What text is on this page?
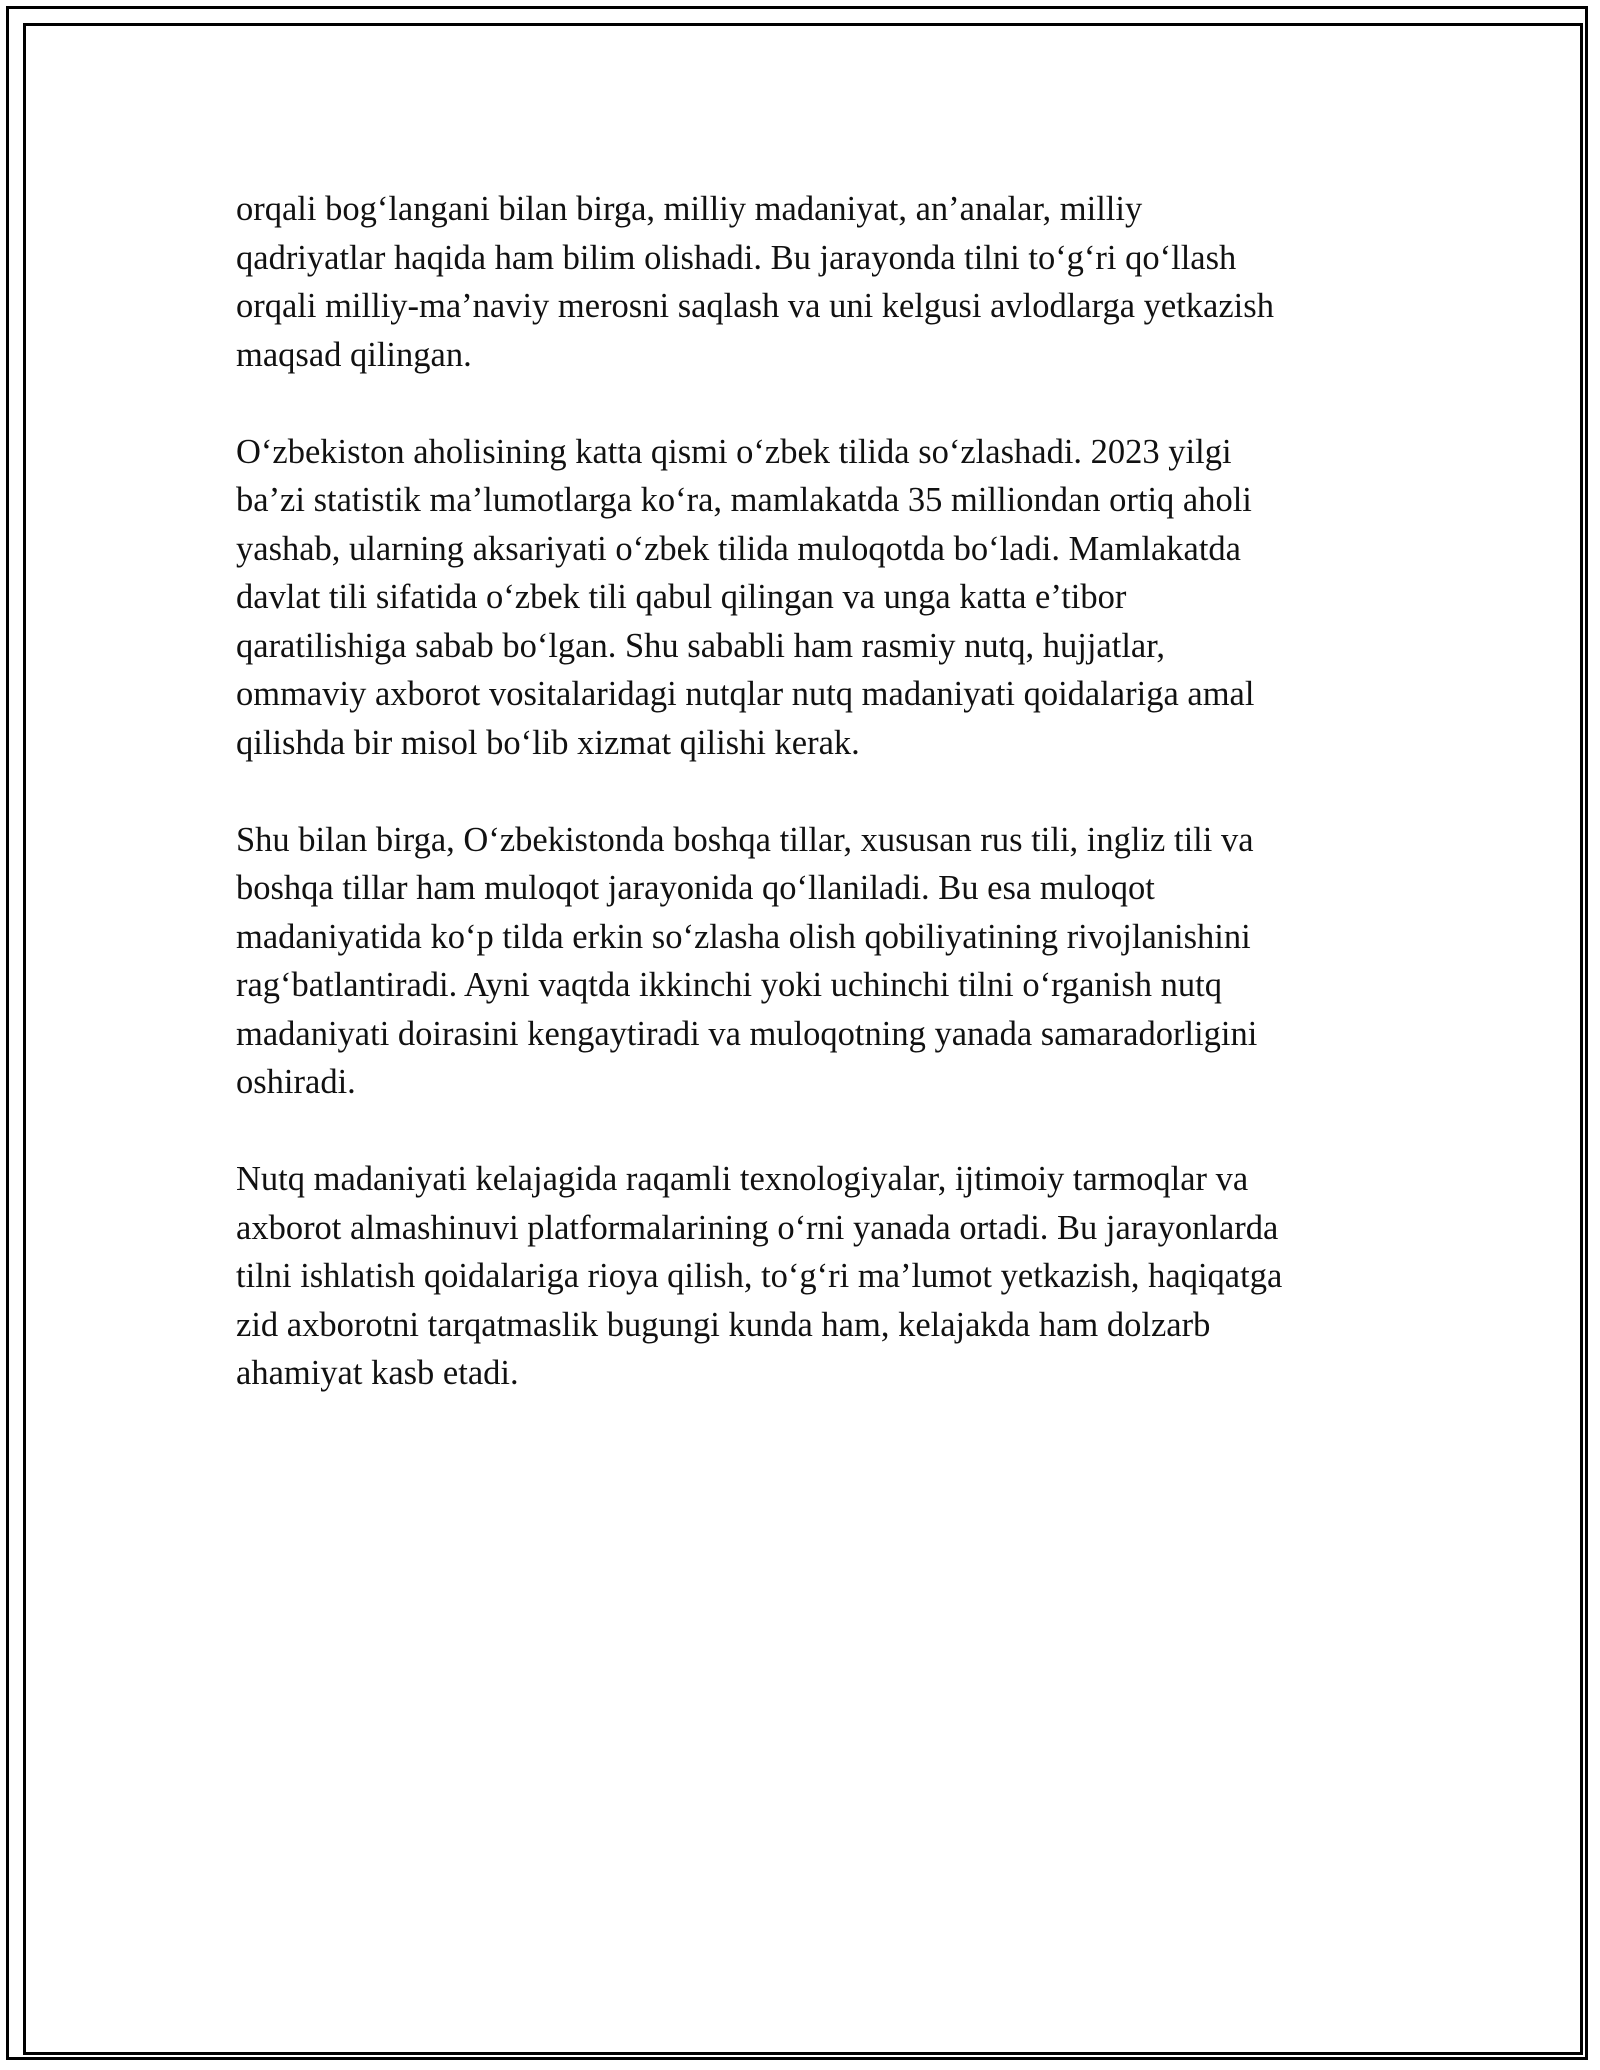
orqali bog‘langani bilan birga, milliy madaniyat, an’analar, milliy
qadriyatlar haqida ham bilim olishadi. Bu jarayonda tilni to‘g‘ri qo‘llash
orqali milliy-ma’naviy merosni saqlash va uni kelgusi avlodlarga yetkazish
maqsad qilingan.

O‘zbekiston aholisining katta qismi o‘zbek tilida so‘zlashadi. 2023 yilgi
ba’zi statistik ma’lumotlarga ko‘ra, mamlakatda 35 milliondan ortiq aholi
yashab, ularning aksariyati o‘zbek tilida muloqotda bo‘ladi. Mamlakatda
davlat tili sifatida o‘zbek tili qabul qilingan va unga katta e’tibor
qaratilishiga sabab bo‘lgan. Shu sababli ham rasmiy nutq, hujjatlar,
ommaviy axborot vositalaridagi nutqlar nutq madaniyati qoidalariga amal
qilishda bir misol bo‘lib xizmat qilishi kerak.

Shu bilan birga, O‘zbekistonda boshqa tillar, xususan rus tili, ingliz tili va
boshqa tillar ham muloqot jarayonida qo‘llaniladi. Bu esa muloqot
madaniyatida ko‘p tilda erkin so‘zlasha olish qobiliyatining rivojlanishini
rag‘batlantiradi. Ayni vaqtda ikkinchi yoki uchinchi tilni o‘rganish nutq
madaniyati doirasini kengaytiradi va muloqotning yanada samaradorligini
oshiradi.

Nutq madaniyati kelajagida raqamli texnologiyalar, ijtimoiy tarmoqlar va
axborot almashinuvi platformalarining o‘rni yanada ortadi. Bu jarayonlarda
tilni ishlatish qoidalariga rioya qilish, to‘g‘ri ma’lumot yetkazish, haqiqatga
zid axborotni tarqatmaslik bugungi kunda ham, kelajakda ham dolzarb
ahamiyat kasb etadi.
